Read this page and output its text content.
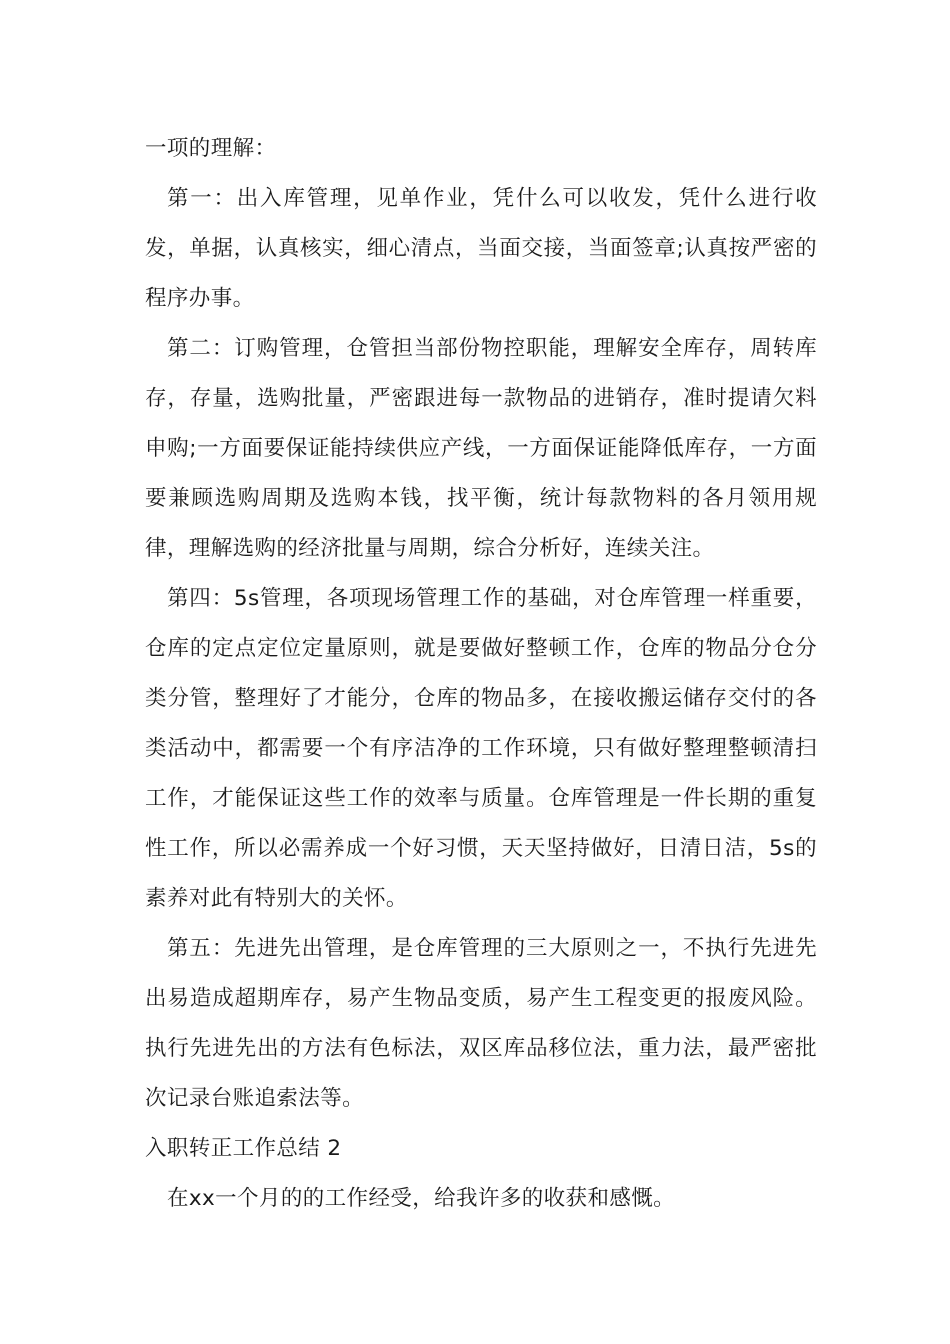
一项的理解：

第一：出入库管理，见单作业，凭什么可以收发，凭什么进行收发，单据，认真核实，细心清点，当面交接，当面签章;认真按严密的程序办事。

第二：订购管理，仓管担当部份物控职能，理解安全库存，周转库存，存量，选购批量，严密跟进每一款物品的进销存，准时提请欠料申购;一方面要保证能持续供应产线，一方面保证能降低库存，一方面要兼顾选购周期及选购本钱，找平衡，统计每款物料的各月领用规律，理解选购的经济批量与周期，综合分析好，连续关注。

第四：5s管理，各项现场管理工作的基础，对仓库管理一样重要，仓库的定点定位定量原则，就是要做好整顿工作，仓库的物品分仓分类分管，整理好了才能分，仓库的物品多，在接收搬运储存交付的各类活动中，都需要一个有序洁净的工作环境，只有做好整理整顿清扫工作，才能保证这些工作的效率与质量。仓库管理是一件长期的重复性工作，所以必需养成一个好习惯，天天坚持做好，日清日洁，5s的素养对此有特别大的关怀。

第五：先进先出管理，是仓库管理的三大原则之一，不执行先进先出易造成超期库存，易产生物品变质，易产生工程变更的报废风险。执行先进先出的方法有色标法，双区库品移位法，重力法，最严密批次记录台账追索法等。

入职转正工作总结 2

在xx一个月的的工作经受，给我许多的收获和感慨。
